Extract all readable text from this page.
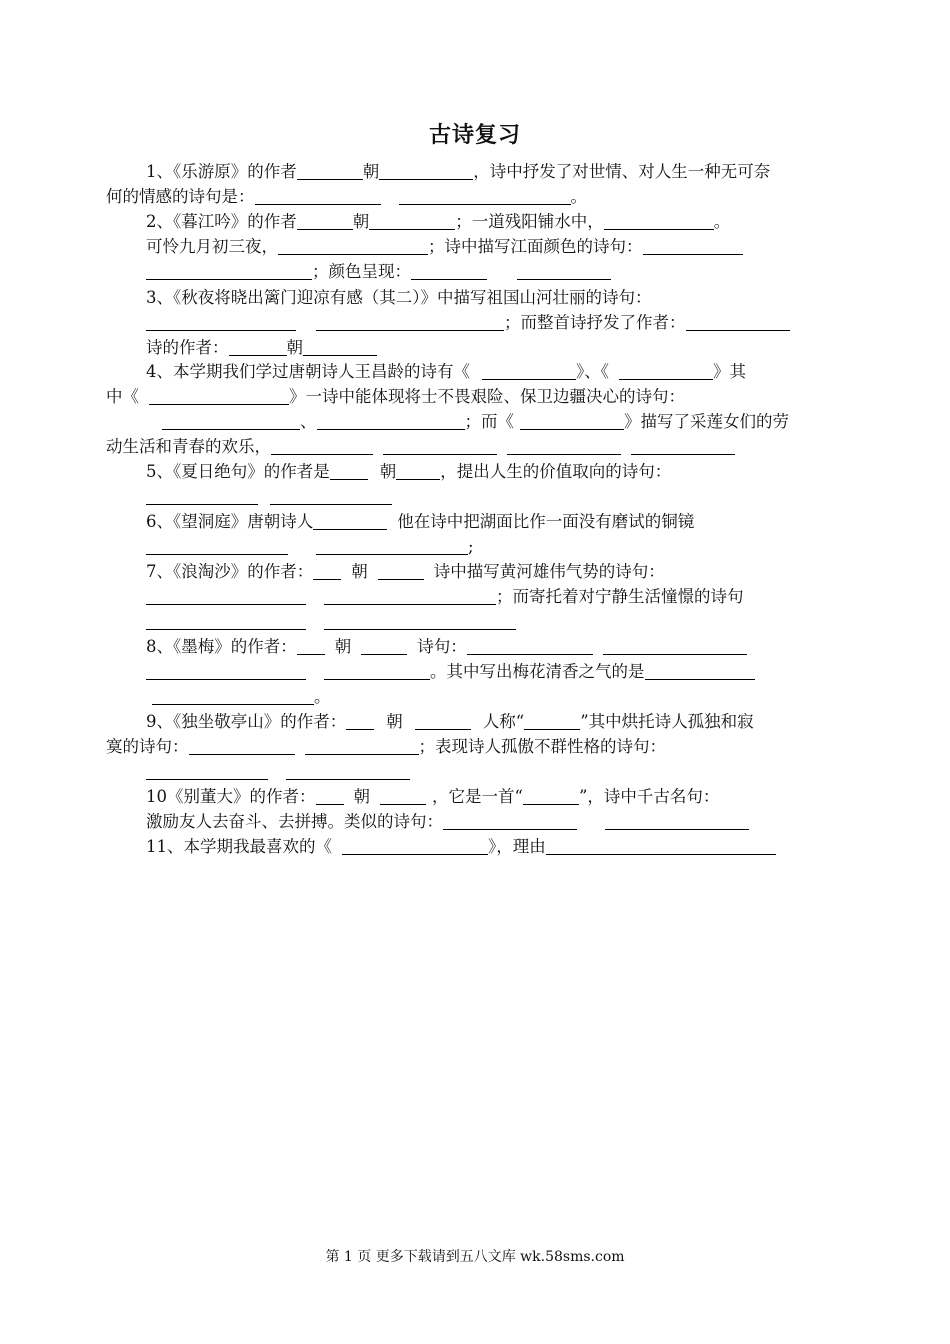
古诗复习
1、《乐游原》的作者	朝	，诗中抒发了对世情、对人生一种无可奈
何的情感的诗句是：	。
2、《暮江吟》的作者	朝	；一道残阳铺水中，	。
可怜九月初三夜，	；诗中描写江面颜色的诗句：
；颜色呈现：
3、《秋夜将晓出篱门迎凉有感（其二）》中描写祖国山河壮丽的诗句：
；而整首诗抒发了作者：
诗的作者：	朝
4、本学期我们学过唐朝诗人王昌龄的诗有《	》、《	》其
中《	》一诗中能体现将士不畏艰险、保卫边疆决心的诗句：
、	；而《	》描写了采莲女们的劳
动生活和青春的欢乐，
5、《夏日绝句》的作者是	朝	，提出人生的价值取向的诗句：
6、《望洞庭》唐朝诗人	他在诗中把湖面比作一面没有磨试的铜镜
;
7、《浪淘沙》的作者： 朝	诗中描写黄河雄伟气势的诗句：
；而寄托着对宁静生活憧憬的诗句
8、《墨梅》的作者： 朝	诗句：
。其中写出梅花清香之气的是
。
9、《独坐敬亭山》的作者： 朝	人称“	”其中烘托诗人孤独和寂
寞的诗句：	；表现诗人孤傲不群性格的诗句：
10《别董大》的作者： 朝	，它是一首“	”，诗中千古名句：
激励友人去奋斗、去拼搏。类似的诗句：
11、本学期我最喜欢的《	》，理由
第 1 页 更多下载请到五八文库 wk.58sms.com
